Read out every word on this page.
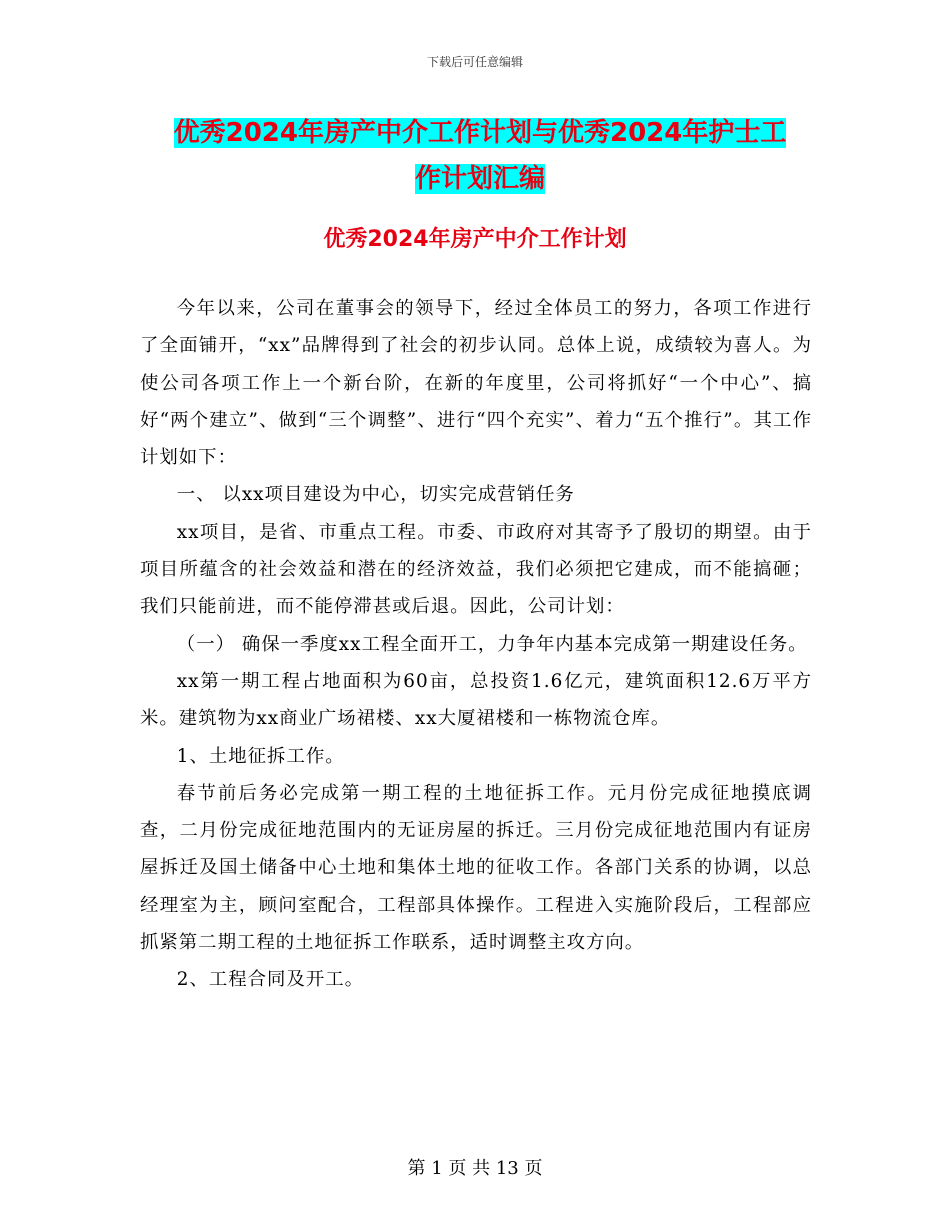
下载后可任意编辑
优秀2024年房产中介工作计划与优秀2024年护士工
作计划汇编
优秀2024年房产中介工作计划

今年以来，公司在董事会的领导下，经过全体员工的努力，各项工作进行了全面铺开，“xx”品牌得到了社会的初步认同。总体上说，成绩较为喜人。为使公司各项工作上一个新台阶，在新的年度里，公司将抓好“一个中心”、搞好“两个建立”、做到“三个调整”、进行“四个充实”、着力“五个推行”。其工作计划如下：

一、 以xx项目建设为中心，切实完成营销任务

xx项目，是省、市重点工程。市委、市政府对其寄予了殷切的期望。由于项目所蕴含的社会效益和潜在的经济效益，我们必须把它建成，而不能搞砸；我们只能前进，而不能停滞甚或后退。因此，公司计划：

（一） 确保一季度xx工程全面开工，力争年内基本完成第一期建设任务。

xx第一期工程占地面积为60亩，总投资1.6亿元，建筑面积12.6万平方米。建筑物为xx商业广场裙楼、xx大厦裙楼和一栋物流仓库。

1、土地征拆工作。

春节前后务必完成第一期工程的土地征拆工作。元月份完成征地摸底调查，二月份完成征地范围内的无证房屋的拆迁。三月份完成征地范围内有证房屋拆迁及国土储备中心土地和集体土地的征收工作。各部门关系的协调，以总经理室为主，顾问室配合，工程部具体操作。工程进入实施阶段后，工程部应抓紧第二期工程的土地征拆工作联系，适时调整主攻方向。

2、工程合同及开工。

第 1 页 共 13 页
